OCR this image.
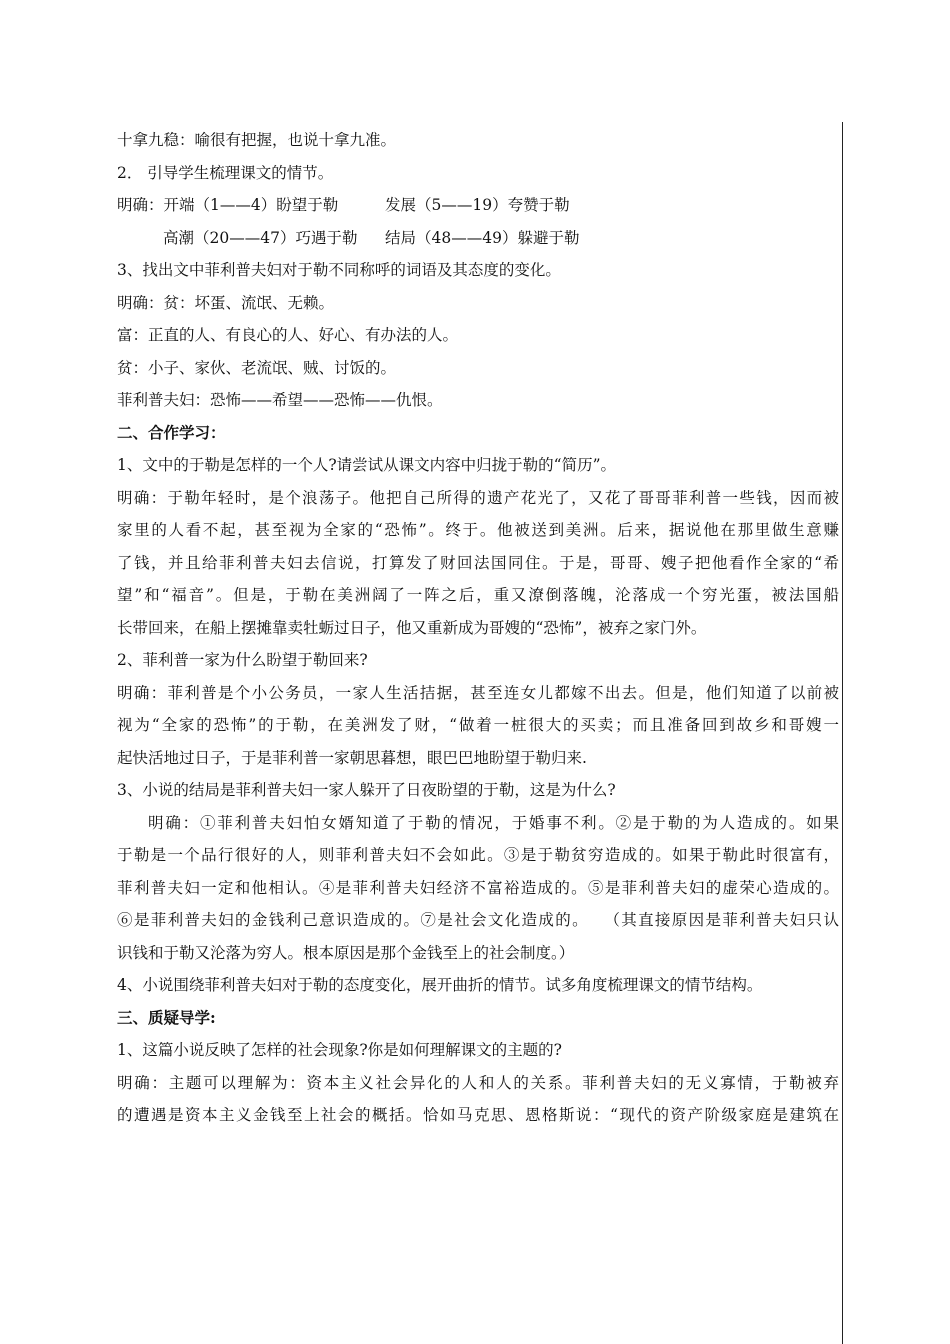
十拿九稳：喻很有把握，也说十拿九准。
2． 引导学生梳理课文的情节。
明确：开端（1——4）盼望于勒	发展（5——19）夸赞于勒
高潮（20——47）巧遇于勒 结局（48——49）躲避于勒
3、找出文中菲利普夫妇对于勒不同称呼的词语及其态度的变化。
明确：贫：坏蛋、流氓、无赖。
富：正直的人、有良心的人、好心、有办法的人。
贫：小子、家伙、老流氓、贼、讨饭的。
菲利普夫妇：恐怖——希望——恐怖——仇恨。
二、合作学习：
1、文中的于勒是怎样的一个人?请尝试从课文内容中归拢于勒的“简历”。
明确：于勒年轻时，是个浪荡子。他把自己所得的遗产花光了，又花了哥哥菲利普一些钱，因而被
家里的人看不起，甚至视为全家的“恐怖”。终于。他被送到美洲。后来，据说他在那里做生意赚
了钱，并且给菲利普夫妇去信说，打算发了财回法国同住。于是，哥哥、嫂子把他看作全家的“希
望”和“福音”。但是，于勒在美洲阔了一阵之后，重又潦倒落魄，沦落成一个穷光蛋，被法国船
长带回来，在船上摆摊靠卖牡蛎过日子，他又重新成为哥嫂的“恐怖”，被弃之家门外。
2、菲利普一家为什么盼望于勒回来?
明确：菲利普是个小公务员，一家人生活拮据，甚至连女儿都嫁不出去。但是，他们知道了以前被
视为“全家的恐怖”的于勒，在美洲发了财，“做着一桩很大的买卖；而且准备回到故乡和哥嫂一
起快活地过日子，于是菲利普一家朝思暮想，眼巴巴地盼望于勒归来.
3、小说的结局是菲利普夫妇一家人躲开了日夜盼望的于勒，这是为什么?
明确：①菲利普夫妇怕女婿知道了于勒的情况，于婚事不利。②是于勒的为人造成的。如果
于勒是一个品行很好的人，则菲利普夫妇不会如此。③是于勒贫穷造成的。如果于勒此时很富有，
菲利普夫妇一定和他相认。④是菲利普夫妇经济不富裕造成的。⑤是菲利普夫妇的虚荣心造成的。
⑥是菲利普夫妇的金钱利己意识造成的。⑦是社会文化造成的。　 （其直接原因是菲利普夫妇只认
识钱和于勒又沦落为穷人。根本原因是那个金钱至上的社会制度。）
4、小说围绕菲利普夫妇对于勒的态度变化，展开曲折的情节。试多角度梳理课文的情节结构。
三、质疑导学:
1、这篇小说反映了怎样的社会现象?你是如何理解课文的主题的?
明确：主题可以理解为：资本主义社会异化的人和人的关系。菲利普夫妇的无义寡情，于勒被弃
的遭遇是资本主义金钱至上社会的概括。恰如马克思、恩格斯说：“现代的资产阶级家庭是建筑在
